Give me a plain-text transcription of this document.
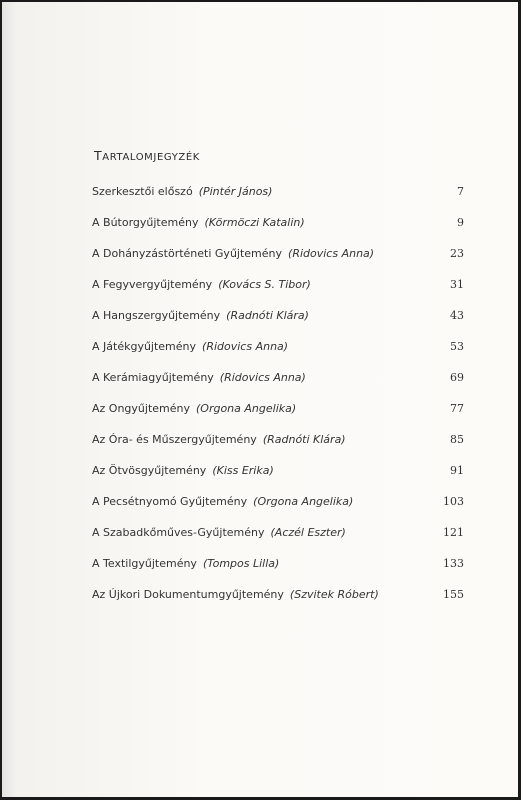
TARTALOMJEGYZÉK
Szerkesztői előszó (Pintér János)	7
A Bútorgyűjtemény (Körmöczi Katalin)	9
A Dohányzástörténeti Gyűjtemény (Ridovics Anna)	23
A Fegyvergyűjtemény (Kovács S. Tibor)	31
A Hangszergyűjtemény (Radnóti Klára)	43
A Játékgyűjtemény (Ridovics Anna)	53
A Kerámiagyűjtemény (Ridovics Anna)	69
Az Ongyűjtemény (Orgona Angelika)	77
Az Óra- és Műszergyűjtemény (Radnóti Klára)	85
Az Ötvösgyűjtemény (Kiss Erika)	91
A Pecsétnyomó Gyűjtemény (Orgona Angelika)	103
A Szabadkőműves-Gyűjtemény (Aczél Eszter)	121
A Textilgyűjtemény (Tompos Lilla)	133
Az Újkori Dokumentumgyűjtemény (Szvitek Róbert)	155
